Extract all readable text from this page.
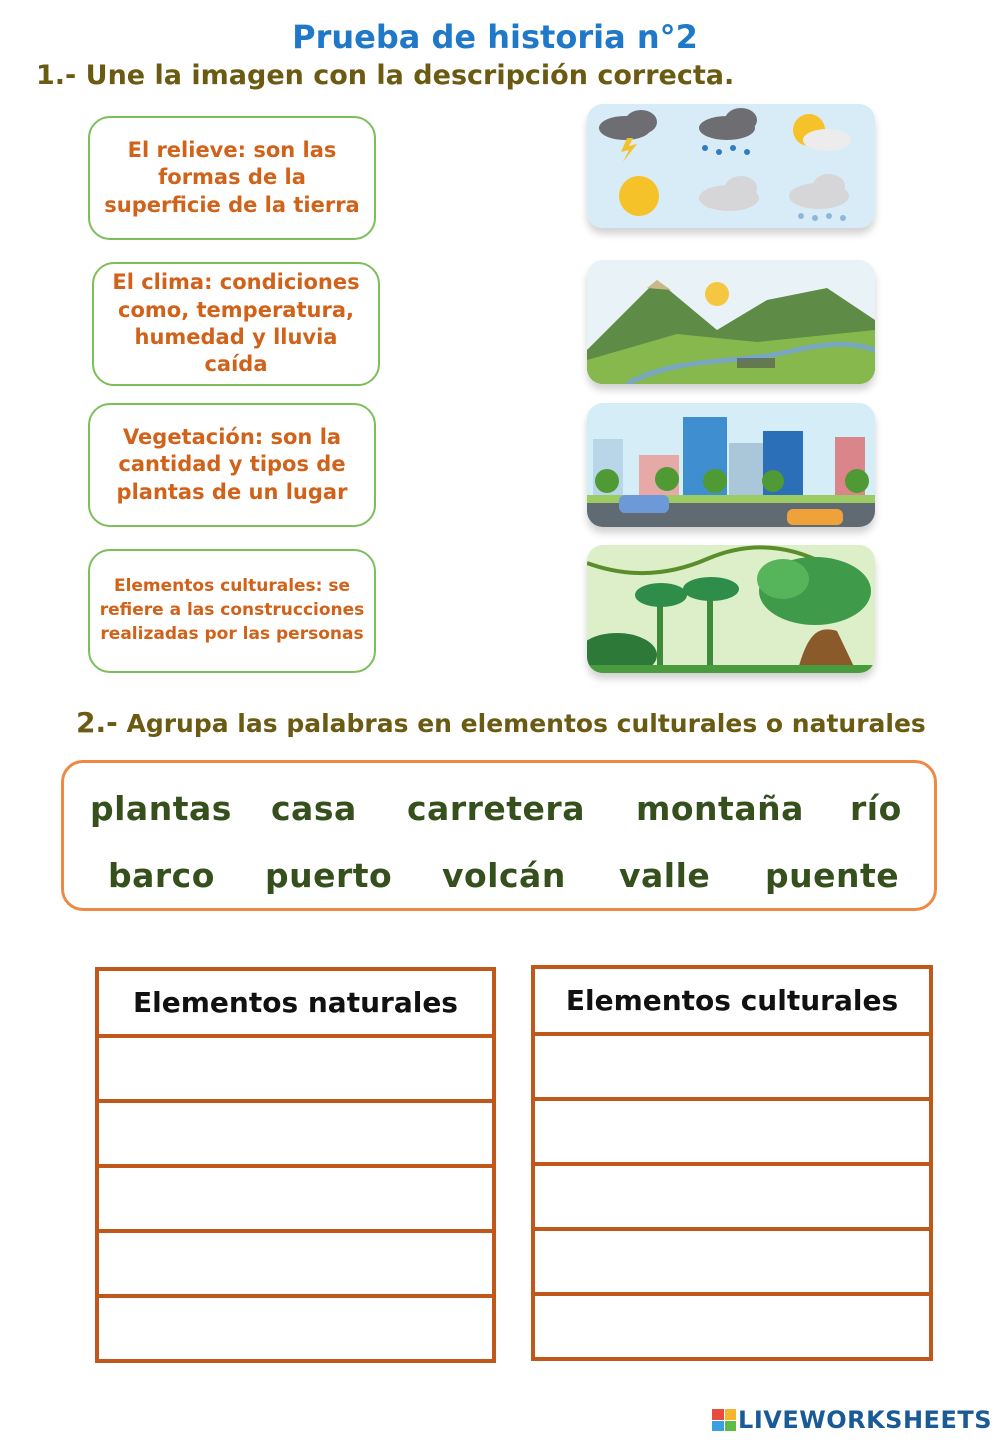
Prueba de historia n°2
1.- Une la imagen con la descripción correcta.
El relieve: son las formas de la superficie de la tierra
El clima: condiciones como, temperatura, humedad y lluvia caída
Vegetación: son la cantidad y tipos de plantas de un lugar
Elementos culturales: se refiere a las construcciones realizadas por las personas
2.- Agrupa las palabras en elementos culturales o naturales
plantas casa carretera montaña río
barco puerto volcán valle puente
Elementos naturales	Elementos culturales
LIVEWORKSHEETS
